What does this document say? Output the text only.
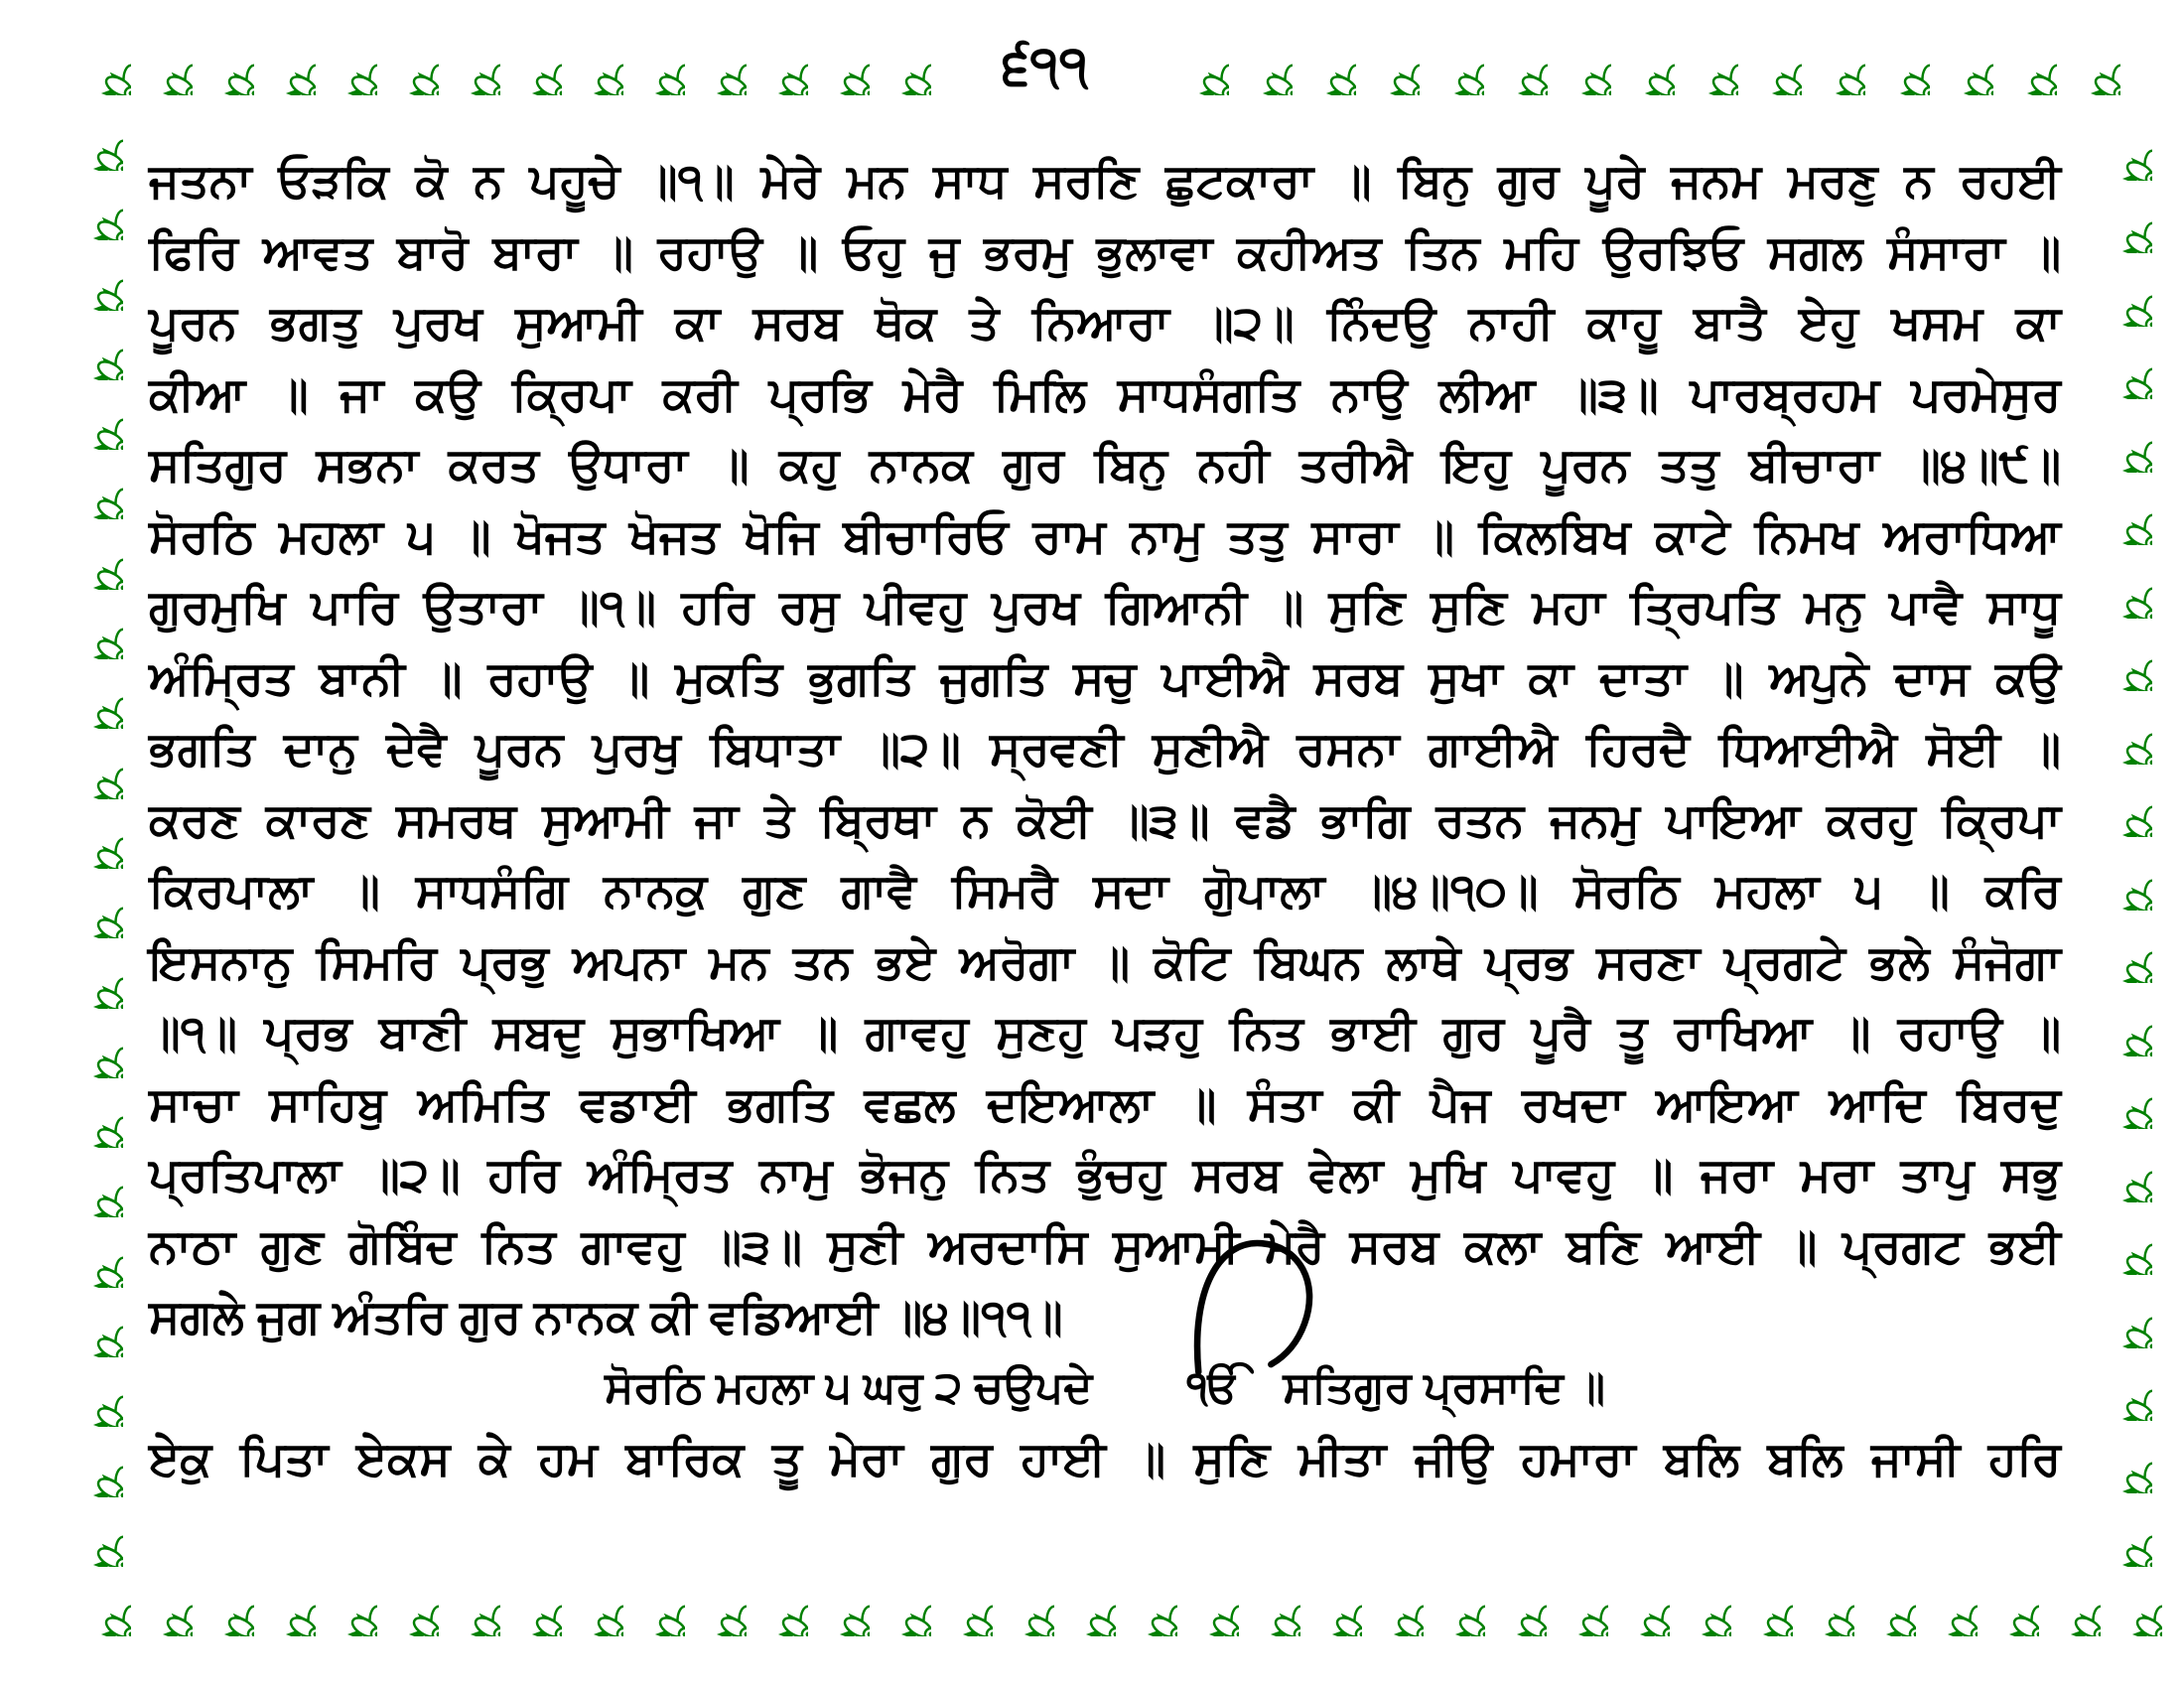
੬੧੧
ਜਤਨਾ ਓੜਕਿ ਕੋ ਨ ਪਹੂਚੇ ॥੧॥ ਮੇਰੇ ਮਨ ਸਾਧ ਸਰਣਿ ਛੁਟਕਾਰਾ ॥ ਬਿਨੁ ਗੁਰ ਪੂਰੇ ਜਨਮ ਮਰਣੁ ਨ ਰਹਈ
ਫਿਰਿ ਆਵਤ ਬਾਰੋ ਬਾਰਾ ॥ ਰਹਾਉ ॥ ਓਹੁ ਜੁ ਭਰਮੁ ਭੁਲਾਵਾ ਕਹੀਅਤ ਤਿਨ ਮਹਿ ਉਰਝਿਓ ਸਗਲ ਸੰਸਾਰਾ ॥
ਪੂਰਨ ਭਗਤੁ ਪੁਰਖ ਸੁਆਮੀ ਕਾ ਸਰਬ ਥੋਕ ਤੇ ਨਿਆਰਾ ॥੨॥ ਨਿੰਦਉ ਨਾਹੀ ਕਾਹੂ ਬਾਤੈ ਏਹੁ ਖਸਮ ਕਾ
ਕੀਆ ॥ ਜਾ ਕਉ ਕ੍ਰਿਪਾ ਕਰੀ ਪ੍ਰਭਿ ਮੇਰੈ ਮਿਲਿ ਸਾਧਸੰਗਤਿ ਨਾਉ ਲੀਆ ॥੩॥ ਪਾਰਬ੍ਰਹਮ ਪਰਮੇਸੁਰ
ਸਤਿਗੁਰ ਸਭਨਾ ਕਰਤ ਉਧਾਰਾ ॥ ਕਹੁ ਨਾਨਕ ਗੁਰ ਬਿਨੁ ਨਹੀ ਤਰੀਐ ਇਹੁ ਪੂਰਨ ਤਤੁ ਬੀਚਾਰਾ ॥੪॥੯॥
ਸੋਰਠਿ ਮਹਲਾ ੫ ॥ ਖੋਜਤ ਖੋਜਤ ਖੋਜਿ ਬੀਚਾਰਿਓ ਰਾਮ ਨਾਮੁ ਤਤੁ ਸਾਰਾ ॥ ਕਿਲਬਿਖ ਕਾਟੇ ਨਿਮਖ ਅਰਾਧਿਆ
ਗੁਰਮੁਖਿ ਪਾਰਿ ਉਤਾਰਾ ॥੧॥ ਹਰਿ ਰਸੁ ਪੀਵਹੁ ਪੁਰਖ ਗਿਆਨੀ ॥ ਸੁਣਿ ਸੁਣਿ ਮਹਾ ਤ੍ਰਿਪਤਿ ਮਨੁ ਪਾਵੈ ਸਾਧੂ
ਅੰਮ੍ਰਿਤ ਬਾਨੀ ॥ ਰਹਾਉ ॥ ਮੁਕਤਿ ਭੁਗਤਿ ਜੁਗਤਿ ਸਚੁ ਪਾਈਐ ਸਰਬ ਸੁਖਾ ਕਾ ਦਾਤਾ ॥ ਅਪੁਨੇ ਦਾਸ ਕਉ
ਭਗਤਿ ਦਾਨੁ ਦੇਵੈ ਪੂਰਨ ਪੁਰਖੁ ਬਿਧਾਤਾ ॥੨॥ ਸ੍ਰਵਣੀ ਸੁਣੀਐ ਰਸਨਾ ਗਾਈਐ ਹਿਰਦੈ ਧਿਆਈਐ ਸੋਈ ॥
ਕਰਣ ਕਾਰਣ ਸਮਰਥ ਸੁਆਮੀ ਜਾ ਤੇ ਬ੍ਰਿਥਾ ਨ ਕੋਈ ॥੩॥ ਵਡੈ ਭਾਗਿ ਰਤਨ ਜਨਮੁ ਪਾਇਆ ਕਰਹੁ ਕ੍ਰਿਪਾ
ਕਿਰਪਾਲਾ ॥ ਸਾਧਸੰਗਿ ਨਾਨਕੁ ਗੁਣ ਗਾਵੈ ਸਿਮਰੈ ਸਦਾ ਗੋੁਪਾਲਾ ॥੪॥੧੦॥ ਸੋਰਠਿ ਮਹਲਾ ੫ ॥ ਕਰਿ
ਇਸਨਾਨੁ ਸਿਮਰਿ ਪ੍ਰਭੁ ਅਪਨਾ ਮਨ ਤਨ ਭਏ ਅਰੋਗਾ ॥ ਕੋਟਿ ਬਿਘਨ ਲਾਥੇ ਪ੍ਰਭ ਸਰਣਾ ਪ੍ਰਗਟੇ ਭਲੇ ਸੰਜੋਗਾ
॥੧॥ ਪ੍ਰਭ ਬਾਣੀ ਸਬਦੁ ਸੁਭਾਖਿਆ ॥ ਗਾਵਹੁ ਸੁਣਹੁ ਪੜਹੁ ਨਿਤ ਭਾਈ ਗੁਰ ਪੂਰੈ ਤੂ ਰਾਖਿਆ ॥ ਰਹਾਉ ॥
ਸਾਚਾ ਸਾਹਿਬੁ ਅਮਿਤਿ ਵਡਾਈ ਭਗਤਿ ਵਛਲ ਦਇਆਲਾ ॥ ਸੰਤਾ ਕੀ ਪੈਜ ਰਖਦਾ ਆਇਆ ਆਦਿ ਬਿਰਦੁ
ਪ੍ਰਤਿਪਾਲਾ ॥੨॥ ਹਰਿ ਅੰਮ੍ਰਿਤ ਨਾਮੁ ਭੋਜਨੁ ਨਿਤ ਭੁੰਚਹੁ ਸਰਬ ਵੇਲਾ ਮੁਖਿ ਪਾਵਹੁ ॥ ਜਰਾ ਮਰਾ ਤਾਪੁ ਸਭੁ
ਨਾਠਾ ਗੁਣ ਗੋਬਿੰਦ ਨਿਤ ਗਾਵਹੁ ॥੩॥ ਸੁਣੀ ਅਰਦਾਸਿ ਸੁਆਮੀ ਮੇਰੈ ਸਰਬ ਕਲਾ ਬਣਿ ਆਈ ॥ ਪ੍ਰਗਟ ਭਈ
ਸਗਲੇ ਜੁਗ ਅੰਤਰਿ ਗੁਰ ਨਾਨਕ ਕੀ ਵਡਿਆਈ ॥੪॥੧੧॥
ਸੋਰਠਿ ਮਹਲਾ ੫ ਘਰੁ ੨ ਚਉਪਦੇ	ੴ ਸਤਿਗੁਰ ਪ੍ਰਸਾਦਿ ॥
ਏਕੁ ਪਿਤਾ ਏਕਸ ਕੇ ਹਮ ਬਾਰਿਕ ਤੂ ਮੇਰਾ ਗੁਰ ਹਾਈ ॥ ਸੁਣਿ ਮੀਤਾ ਜੀਉ ਹਮਾਰਾ ਬਲਿ ਬਲਿ ਜਾਸੀ ਹਰਿ
